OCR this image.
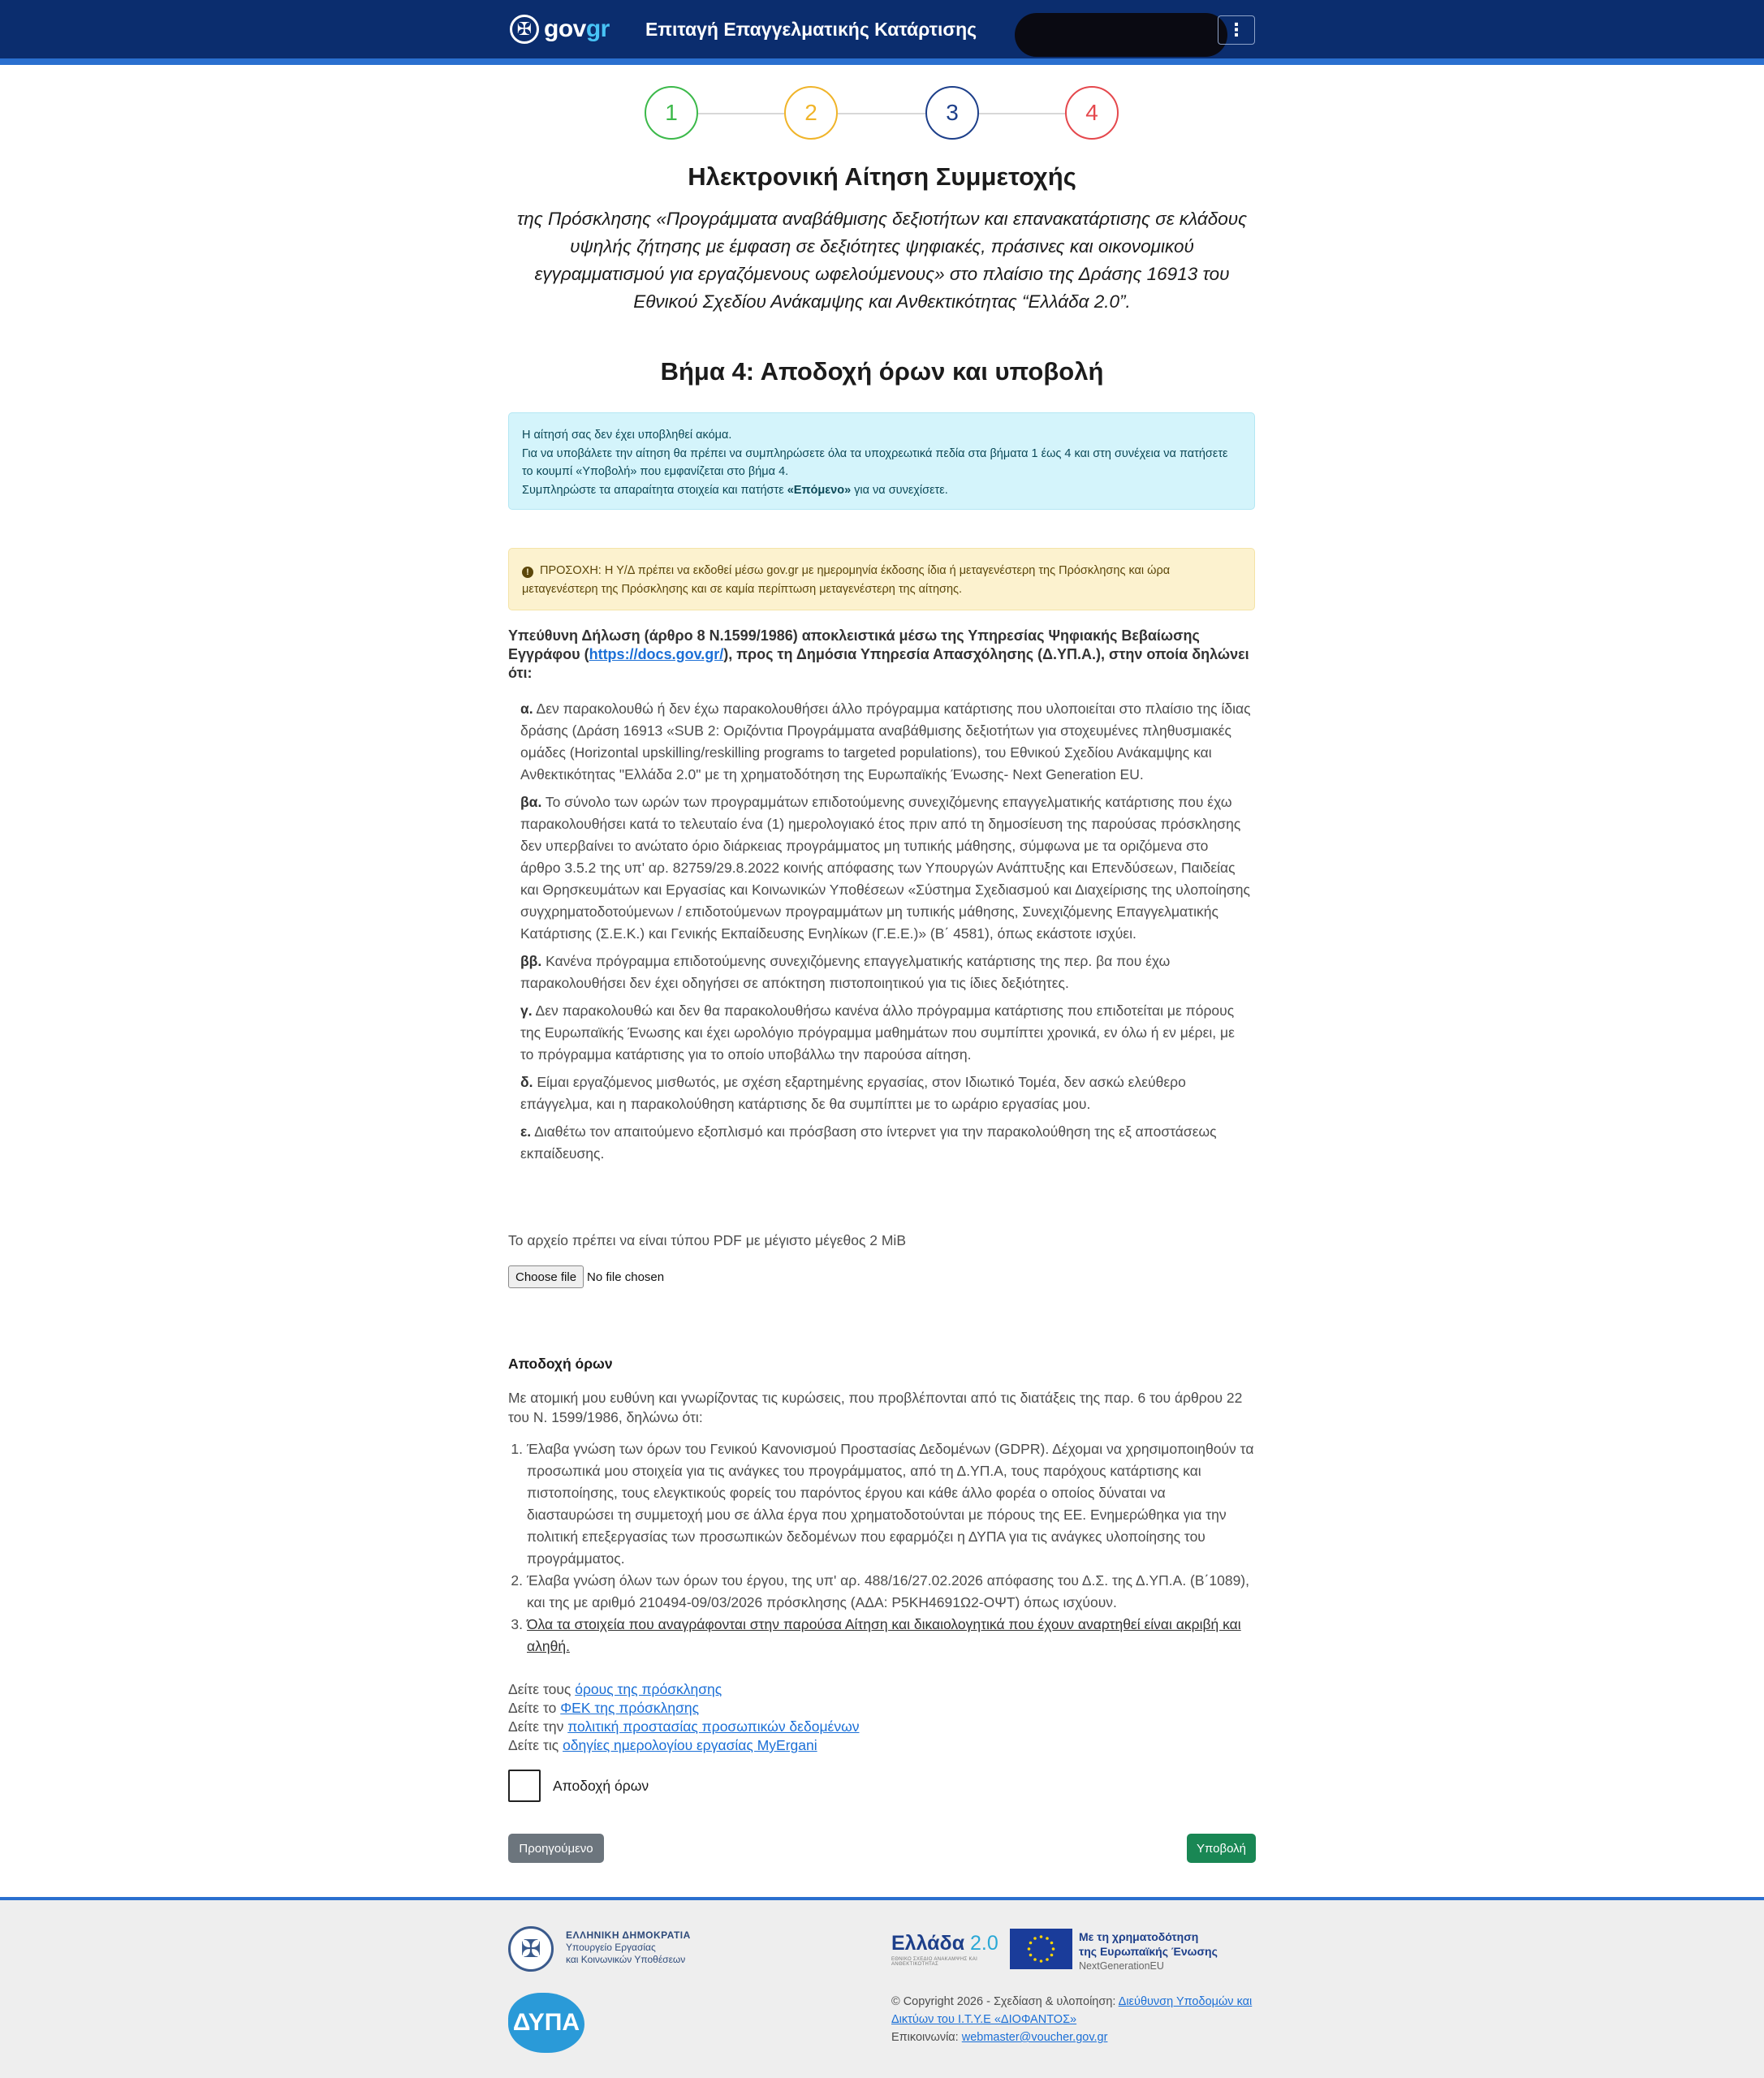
✠ govgr Επιταγή Επαγγελματικής Κατάρτισης	⋮
1	2	3	4
Ηλεκτρονική Αίτηση Συμμετοχής
της Πρόσκλησης «Προγράμματα αναβάθμισης δεξιοτήτων και επανακατάρτισης σε κλάδους υψηλής ζήτησης με έμφαση σε δεξιότητες ψηφιακές, πράσινες και οικονομικού εγγραμματισμού για εργαζόμενους ωφελούμενους» στο πλαίσιο της Δράσης 16913 του Εθνικού Σχεδίου Ανάκαμψης και Ανθεκτικότητας “Ελλάδα 2.0”.
Βήμα 4: Αποδοχή όρων και υποβολή
Η αίτησή σας δεν έχει υποβληθεί ακόμα.
Για να υποβάλετε την αίτηση θα πρέπει να συμπληρώσετε όλα τα υποχρεωτικά πεδία στα βήματα 1 έως 4 και στη συνέχεια να πατήσετε το κουμπί «Υποβολή» που εμφανίζεται στο βήμα 4.
Συμπληρώστε τα απαραίτητα στοιχεία και πατήστε «Επόμενο» για να συνεχίσετε.
! ΠΡΟΣΟΧΗ: Η Υ/Δ πρέπει να εκδοθεί μέσω gov.gr με ημερομηνία έκδοσης ίδια ή μεταγενέστερη της Πρόσκλησης και ώρα μεταγενέστερη της Πρόσκλησης και σε καμία περίπτωση μεταγενέστερη της αίτησης.
Υπεύθυνη Δήλωση (άρθρο 8 Ν.1599/1986) αποκλειστικά μέσω της Υπηρεσίας Ψηφιακής Βεβαίωσης Εγγράφου (https://docs.gov.gr/), προς τη Δημόσια Υπηρεσία Απασχόλησης (Δ.ΥΠ.Α.), στην οποία δηλώνει ότι:

α. Δεν παρακολουθώ ή δεν έχω παρακολουθήσει άλλο πρόγραμμα κατάρτισης που υλοποιείται στο πλαίσιο της ίδιας δράσης (Δράση 16913 «SUB 2: Οριζόντια Προγράμματα αναβάθμισης δεξιοτήτων για στοχευμένες πληθυσμιακές ομάδες (Horizontal upskilling/reskilling programs to targeted populations), του Εθνικού Σχεδίου Ανάκαμψης και Ανθεκτικότητας "Ελλάδα 2.0" με τη χρηματοδότηση της Ευρωπαϊκής Ένωσης- Next Generation EU.

βα. Το σύνολο των ωρών των προγραμμάτων επιδοτούμενης συνεχιζόμενης επαγγελματικής κατάρτισης που έχω παρακολουθήσει κατά το τελευταίο ένα (1) ημερολογιακό έτος πριν από τη δημοσίευση της παρούσας πρόσκλησης δεν υπερβαίνει το ανώτατο όριο διάρκειας προγράμματος μη τυπικής μάθησης, σύμφωνα με τα οριζόμενα στο άρθρο 3.5.2 της υπ' αρ. 82759/29.8.2022 κοινής απόφασης των Υπουργών Ανάπτυξης και Επενδύσεων, Παιδείας και Θρησκευμάτων και Εργασίας και Κοινωνικών Υποθέσεων «Σύστημα Σχεδιασμού και Διαχείρισης της υλοποίησης συγχρηματοδοτούμενων / επιδοτούμενων προγραμμάτων μη τυπικής μάθησης, Συνεχιζόμενης Επαγγελματικής Κατάρτισης (Σ.Ε.Κ.) και Γενικής Εκπαίδευσης Ενηλίκων (Γ.Ε.Ε.)» (Β΄ 4581), όπως εκάστοτε ισχύει.

ββ. Κανένα πρόγραμμα επιδοτούμενης συνεχιζόμενης επαγγελματικής κατάρτισης της περ. βα που έχω παρακολουθήσει δεν έχει οδηγήσει σε απόκτηση πιστοποιητικού για τις ίδιες δεξιότητες.

γ. Δεν παρακολουθώ και δεν θα παρακολουθήσω κανένα άλλο πρόγραμμα κατάρτισης που επιδοτείται με πόρους της Ευρωπαϊκής Ένωσης και έχει ωρολόγιο πρόγραμμα μαθημάτων που συμπίπτει χρονικά, εν όλω ή εν μέρει, με το πρόγραμμα κατάρτισης για το οποίο υποβάλλω την παρούσα αίτηση.

δ. Είμαι εργαζόμενος μισθωτός, με σχέση εξαρτημένης εργασίας, στον Ιδιωτικό Τομέα, δεν ασκώ ελεύθερο επάγγελμα, και η παρακολούθηση κατάρτισης δε θα συμπίπτει με το ωράριο εργασίας μου.

ε. Διαθέτω τον απαιτούμενο εξοπλισμό και πρόσβαση στο ίντερνετ για την παρακολούθηση της εξ αποστάσεως εκπαίδευσης.

Το αρχείο πρέπει να είναι τύπου PDF με μέγιστο μέγεθος 2 MiB
Choose file No file chosen
Αποδοχή όρων
Με ατομική μου ευθύνη και γνωρίζοντας τις κυρώσεις, που προβλέπονται από τις διατάξεις της παρ. 6 του άρθρου 22 του Ν. 1599/1986, δηλώνω ότι:
1. Έλαβα γνώση των όρων του Γενικού Κανονισμού Προστασίας Δεδομένων (GDPR). Δέχομαι να χρησιμοποιηθούν τα προσωπικά μου στοιχεία για τις ανάγκες του προγράμματος, από τη Δ.ΥΠ.Α, τους παρόχους κατάρτισης και πιστοποίησης, τους ελεγκτικούς φορείς του παρόντος έργου και κάθε άλλο φορέα ο οποίος δύναται να διασταυρώσει τη συμμετοχή μου σε άλλα έργα που χρηματοδοτούνται με πόρους της ΕΕ. Ενημερώθηκα για την πολιτική επεξεργασίας των προσωπικών δεδομένων που εφαρμόζει η ΔΥΠΑ για τις ανάγκες υλοποίησης του προγράμματος.
2. Έλαβα γνώση όλων των όρων του έργου, της υπ' αρ. 488/16/27.02.2026 απόφασης του Δ.Σ. της Δ.ΥΠ.Α. (Β΄1089), και της με αριθμό 210494-09/03/2026 πρόσκλησης (ΑΔΑ: Ρ5ΚΗ4691Ω2-ΟΨΤ) όπως ισχύουν.
3. Όλα τα στοιχεία που αναγράφονται στην παρούσα Αίτηση και δικαιολογητικά που έχουν αναρτηθεί είναι ακριβή και αληθή.
Δείτε τους όρους της πρόσκλησης
Δείτε το ΦΕΚ της πρόσκλησης
Δείτε την πολιτική προστασίας προσωπικών δεδομένων
Δείτε τις οδηγίες ημερολογίου εργασίας MyErgani
Αποδοχή όρων
Προηγούμενο	Υποβολή
✠
ΕΛΛΗΝΙΚΗ ΔΗΜΟΚΡΑΤΙΑ
Υπουργείο Εργασίας
και Κοινωνικών Υποθέσεων
ΔΥΠΑ
Ελλάδα 2.0
ΕΘΝΙΚΟ ΣΧΕΔΙΟ ΑΝΑΚΑΜΨΗΣ ΚΑΙ ΑΝΘΕΚΤΙΚΟΤΗΤΑΣ
Με τη χρηματοδότηση
της Ευρωπαϊκής Ένωσης
NextGenerationEU
© Copyright 2026 - Σχεδίαση & υλοποίηση: Διεύθυνση Υποδομών και Δικτύων του Ι.Τ.Υ.Ε «ΔΙΟΦΑΝΤΟΣ»
Επικοινωνία: webmaster@voucher.gov.gr
